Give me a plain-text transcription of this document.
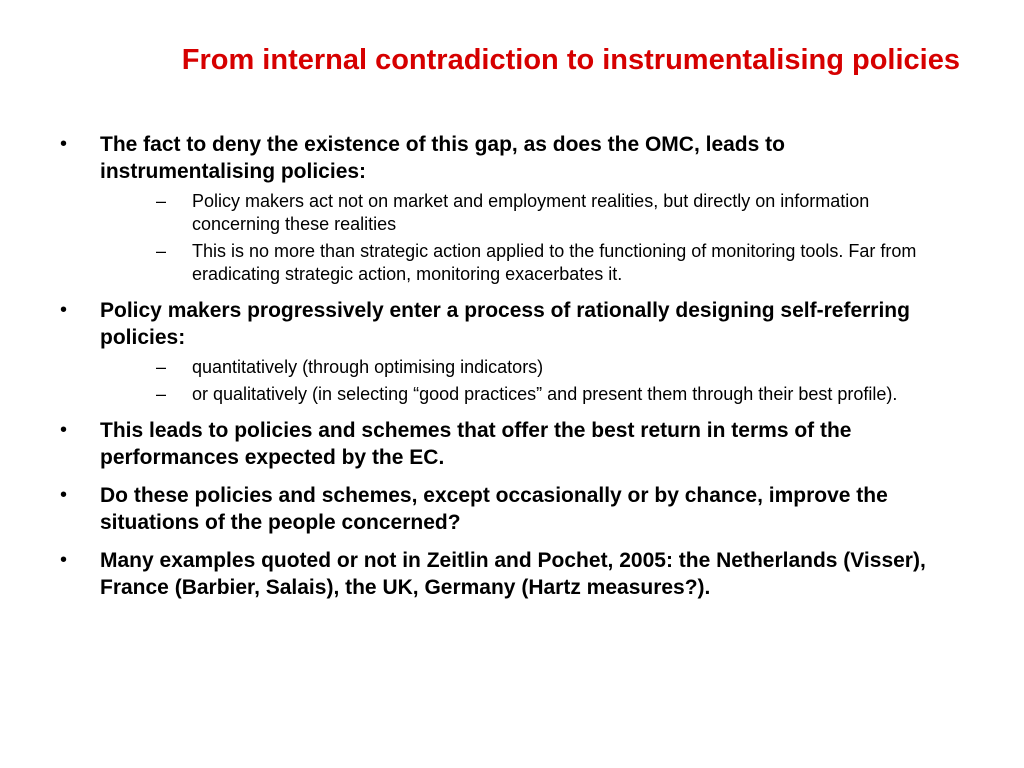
From internal contradiction to instrumentalising policies
• The fact to deny the existence of this gap, as does the OMC, leads to instrumentalising policies:
–	Policy makers act not on market and employment realities, but directly on information concerning these realities
–	This is no more than strategic action applied to the functioning of monitoring tools. Far from eradicating strategic action, monitoring exacerbates it.
• Policy makers progressively enter a process of rationally designing self-referring policies:
–	quantitatively (through optimising indicators)
–	or qualitatively (in selecting “good practices” and present them through their best profile).
• This leads to policies and schemes that offer the best return in terms of the performances expected by the EC.
• Do these policies and schemes, except occasionally or by chance, improve the situations of the people concerned?
• Many examples quoted or not in Zeitlin and Pochet, 2005: the Netherlands (Visser), France (Barbier, Salais), the UK, Germany (Hartz measures?).
